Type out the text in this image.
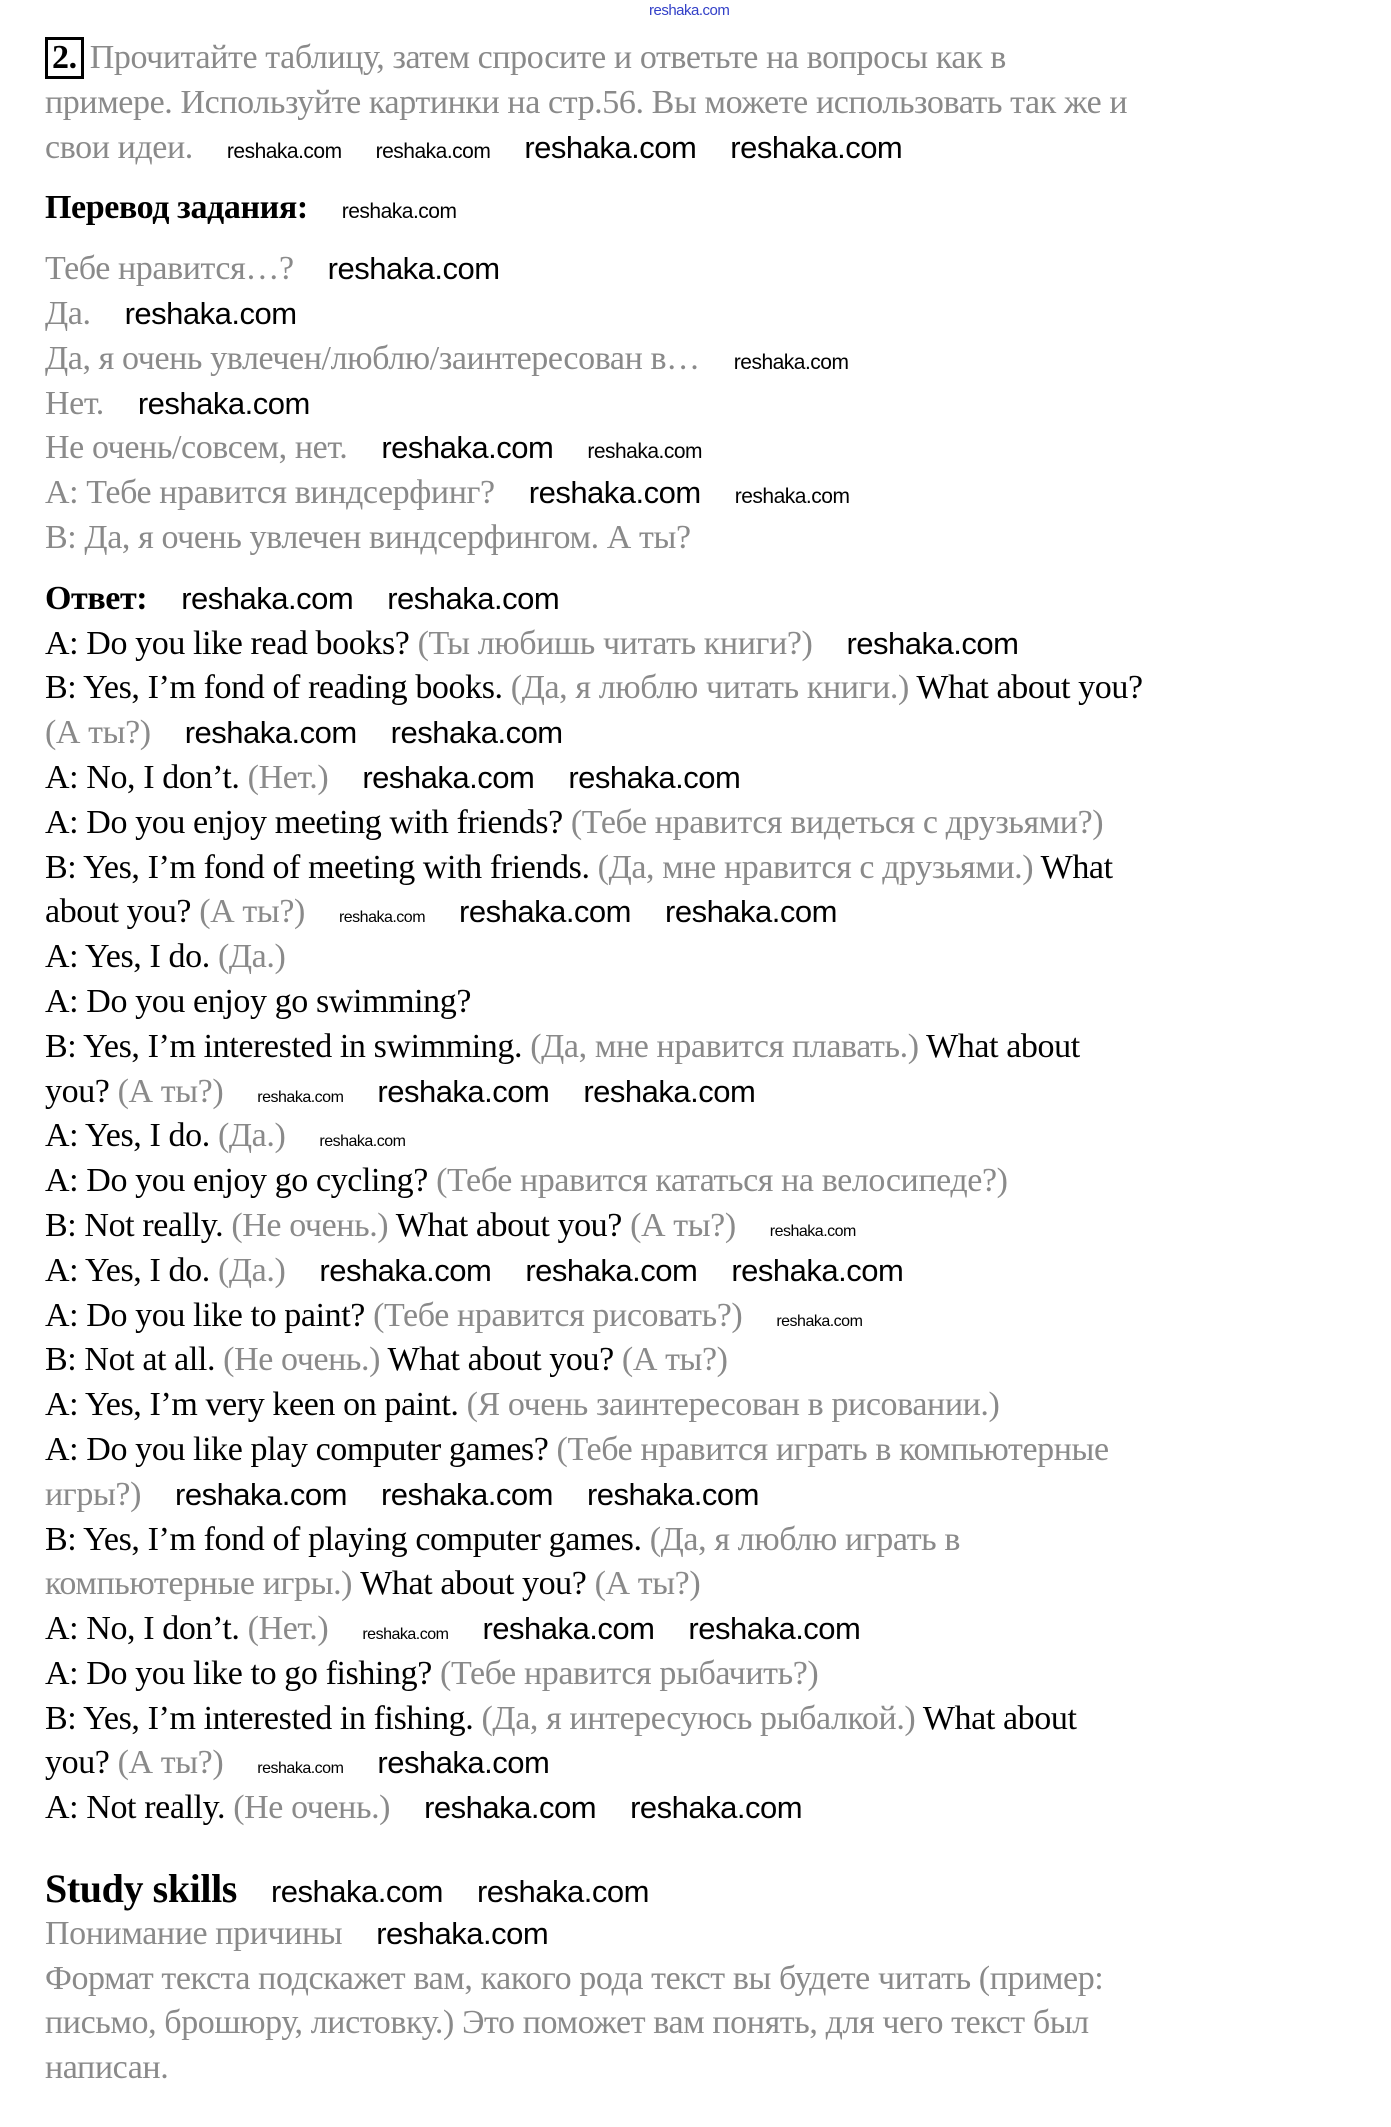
2. Прочитайте таблицу, затем спросите и ответьте на вопросы как в
примере. Используйте картинки на стр.56. Вы можете использовать так же и
свои идеи. reshaka.com reshaka.com reshaka.com reshaka.com
Перевод задания: reshaka.com
Тебе нравится…? reshaka.com
Да. reshaka.com
Да, я очень увлечен/люблю/заинтересован в… reshaka.com
Нет. reshaka.com
Не очень/совсем, нет. reshaka.com reshaka.com
A: Тебе нравится виндсерфинг? reshaka.com reshaka.com
B: Да, я очень увлечен виндсерфингом. А ты?
Ответ: reshaka.com reshaka.com
A: Do you like read books? (Ты любишь читать книги?) reshaka.com
B: Yes, I’m fond of reading books. (Да, я люблю читать книги.) What about you?
(А ты?) reshaka.com reshaka.com
A: No, I don’t. (Нет.) reshaka.com reshaka.com
A: Do you enjoy meeting with friends? (Тебе нравится видеться с друзьями?)
B: Yes, I’m fond of meeting with friends. (Да, мне нравится с друзьями.) What
about you? (А ты?) reshaka.com reshaka.com reshaka.com
A: Yes, I do. (Да.)
A: Do you enjoy go swimming?
B: Yes, I’m interested in swimming. (Да, мне нравится плавать.) What about
you? (А ты?) reshaka.com reshaka.com reshaka.com
A: Yes, I do. (Да.) reshaka.com
A: Do you enjoy go cycling? (Тебе нравится кататься на велосипеде?)
B: Not really. (Не очень.) What about you? (А ты?) reshaka.com
A: Yes, I do. (Да.) reshaka.com reshaka.com reshaka.com
A: Do you like to paint? (Тебе нравится рисовать?) reshaka.com
B: Not at all. (Не очень.) What about you? (А ты?)
A: Yes, I’m very keen on paint. (Я очень заинтересован в рисовании.)
A: Do you like play computer games? (Тебе нравится играть в компьютерные
игры?) reshaka.com reshaka.com reshaka.com
B: Yes, I’m fond of playing computer games. (Да, я люблю играть в
компьютерные игры.) What about you? (А ты?)
A: No, I don’t. (Нет.) reshaka.com reshaka.com reshaka.com
A: Do you like to go fishing? (Тебе нравится рыбачить?)
B: Yes, I’m interested in fishing. (Да, я интересуюсь рыбалкой.) What about
you? (А ты?) reshaka.com reshaka.com
A: Not really. (Не очень.) reshaka.com reshaka.com
Study skills reshaka.com reshaka.com
Понимание причины reshaka.com
Формат текста подскажет вам, какого рода текст вы будете читать (пример:
письмо, брошюру, листовку.) Это поможет вам понять, для чего текст был
написан.
reshaka.com
